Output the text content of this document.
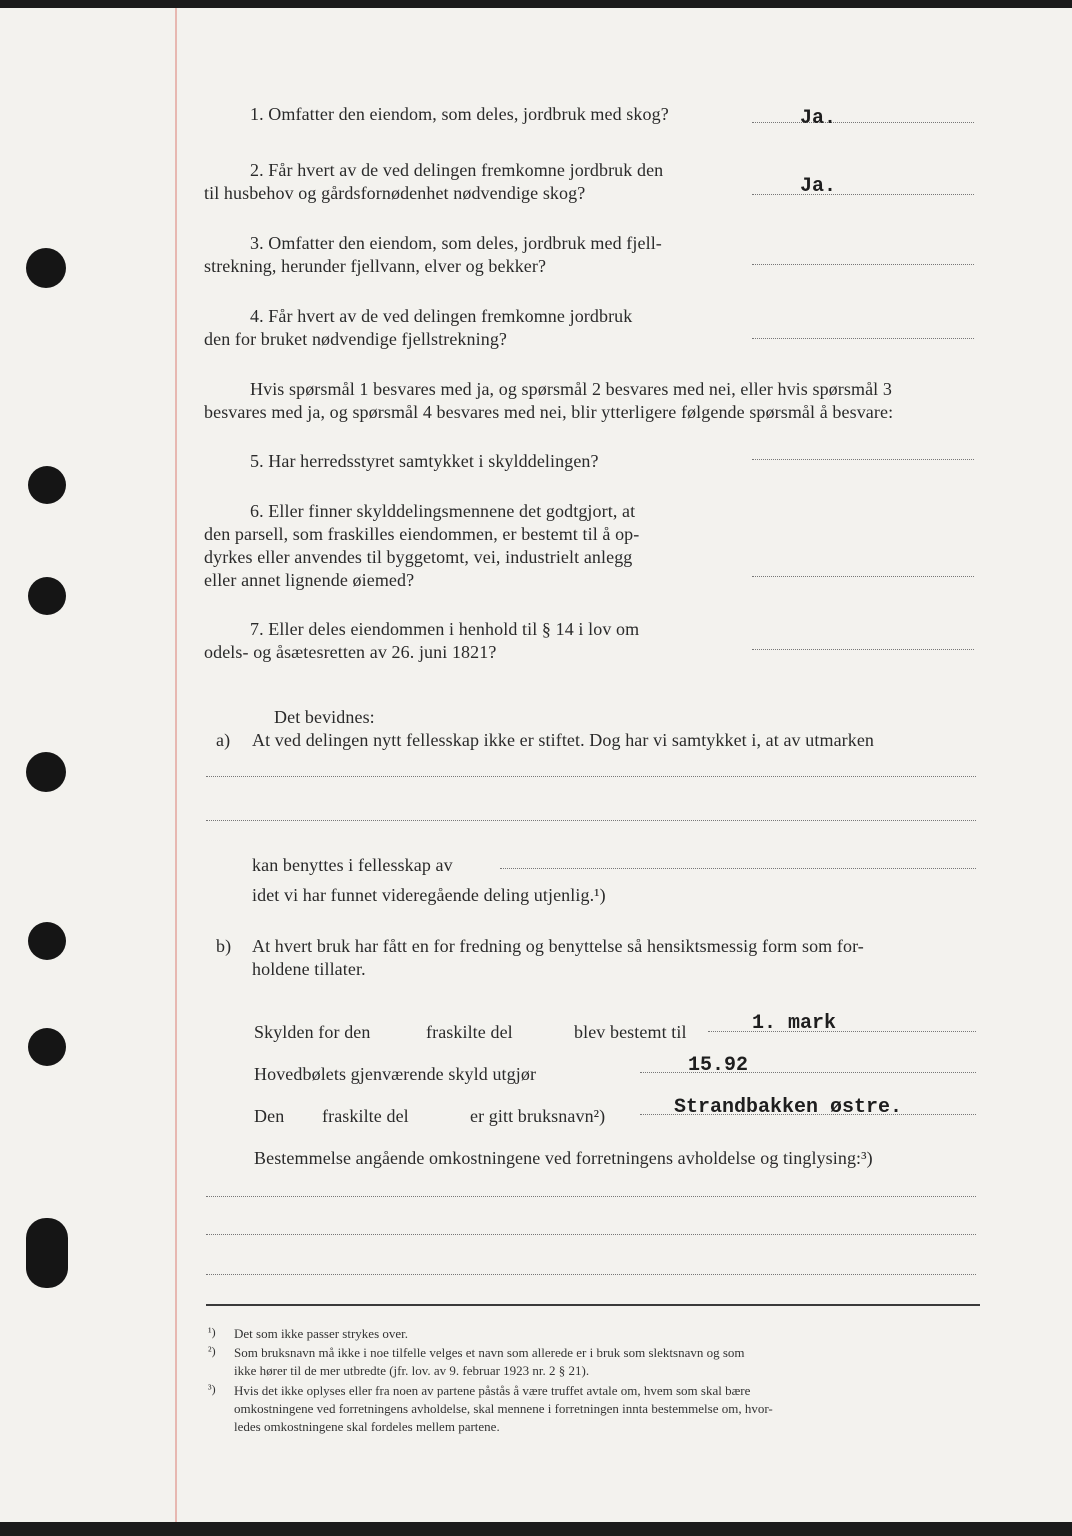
1. Omfatter den eiendom, som deles, jordbruk med skog?	Ja.
2. Får hvert av de ved delingen fremkomne jordbruk den
til husbehov og gårdsfornødenhet nødvendige skog?	Ja.
3. Omfatter den eiendom, som deles, jordbruk med fjell-
strekning, herunder fjellvann, elver og bekker?
4. Får hvert av de ved delingen fremkomne jordbruk
den for bruket nødvendige fjellstrekning?
Hvis spørsmål 1 besvares med ja, og spørsmål 2 besvares med nei, eller hvis spørsmål 3
besvares med ja, og spørsmål 4 besvares med nei, blir ytterligere følgende spørsmål å besvare:
5. Har herredsstyret samtykket i skylddelingen?
6. Eller finner skylddelingsmennene det godtgjort, at
den parsell, som fraskilles eiendommen, er bestemt til å op-
dyrkes eller anvendes til byggetomt, vei, industrielt anlegg
eller annet lignende øiemed?
7. Eller deles eiendommen i henhold til § 14 i lov om
odels- og åsætesretten av 26. juni 1821?
Det bevidnes:
a) At ved delingen nytt fellesskap ikke er stiftet. Dog har vi samtykket i, at av utmarken
kan benyttes i fellesskap av
idet vi har funnet videregående deling utjenlig.¹)
b) At hvert bruk har fått en for fredning og benyttelse så hensiktsmessig form som for-
holdene tillater.
Skylden for den	fraskilte del	blev bestemt til	1. mark
Hovedbølets gjenværende skyld utgjør	15.92
Den fraskilte del	er gitt bruksnavn²)	Strandbakken østre.
Bestemmelse angående omkostningene ved forretningens avholdelse og tinglysing:³)
¹) Det som ikke passer strykes over.
²) Som bruksnavn må ikke i noe tilfelle velges et navn som allerede er i bruk som slektsnavn og som
ikke hører til de mer utbredte (jfr. lov. av 9. februar 1923 nr. 2 § 21).
³) Hvis det ikke oplyses eller fra noen av partene påstås å være truffet avtale om, hvem som skal bære
omkostningene ved forretningens avholdelse, skal mennene i forretningen innta bestemmelse om, hvor-
ledes omkostningene skal fordeles mellem partene.
